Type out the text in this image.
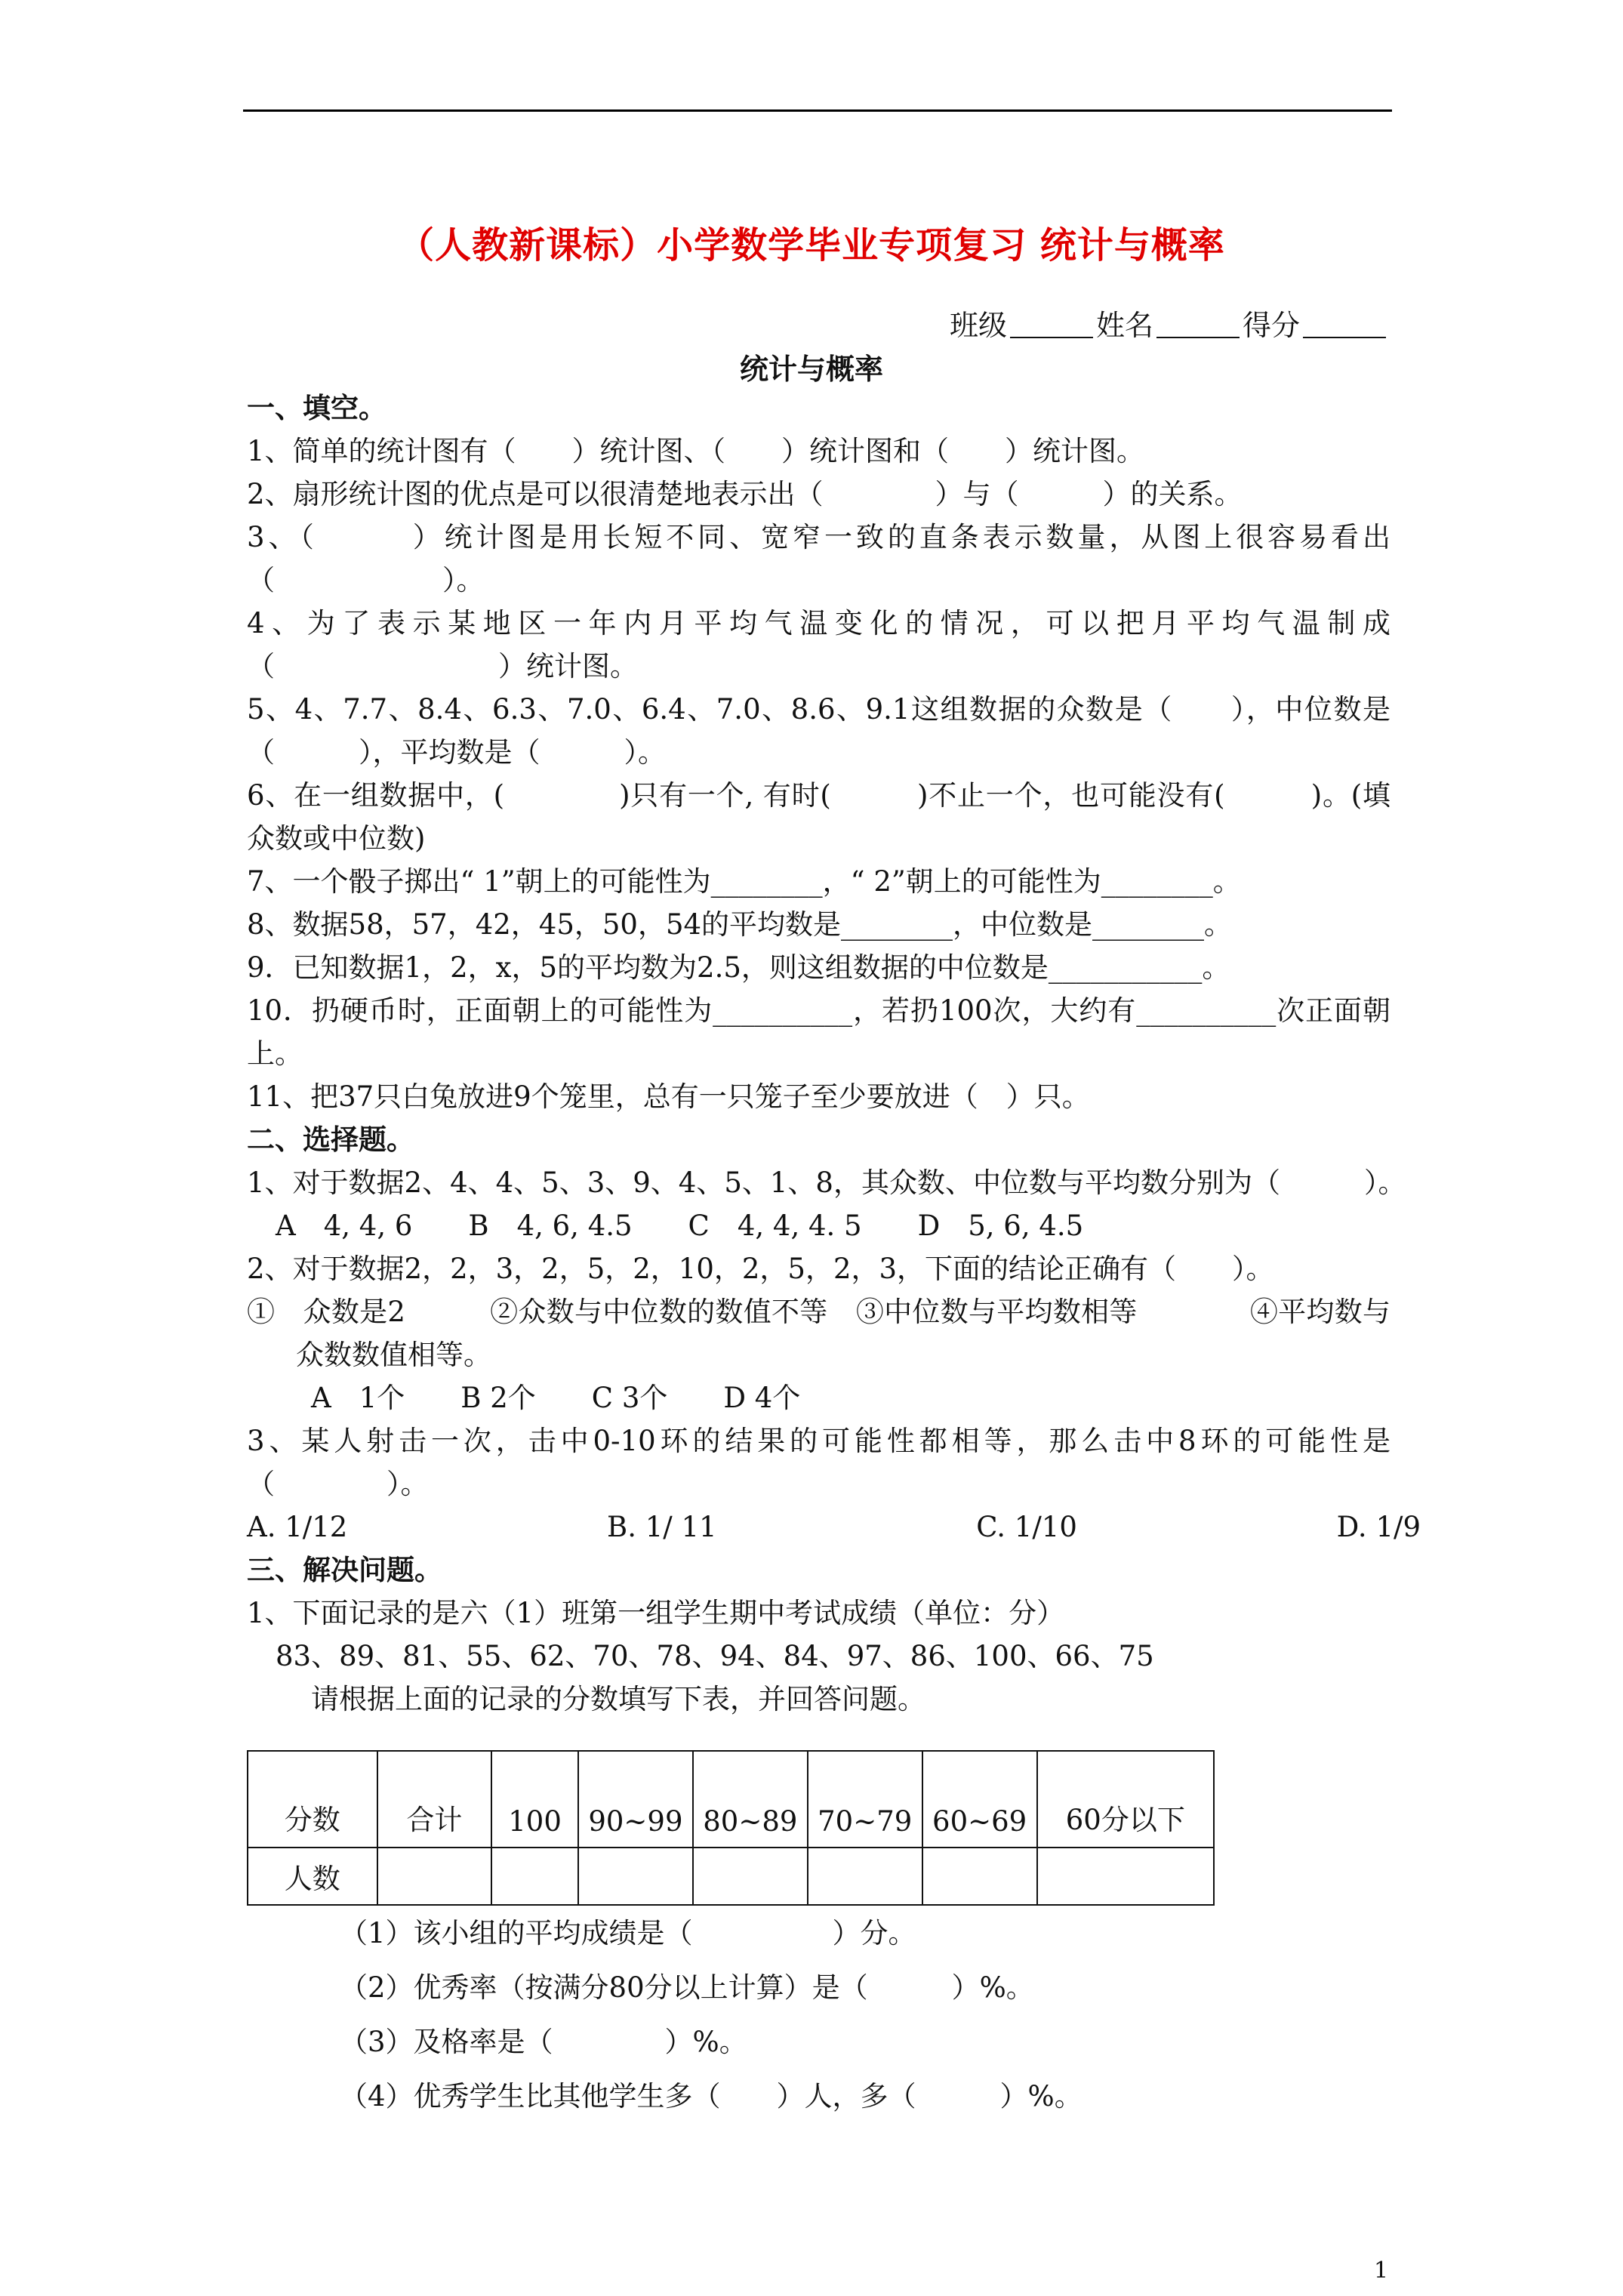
（人教新课标）小学数学毕业专项复习 统计与概率
班级	姓名	得分
统计与概率
一、填空。
1、简单的统计图有（　　）统计图、（　　）统计图和（　　）统计图。
2、扇形统计图的优点是可以很清楚地表示出（　　　　）与（　　　）的关系。
3、（　　　）统计图是用长短不同、宽窄一致的直条表示数量，从图上很容易看出
（　　　　　　）。
4、为了表示某地区一年内月平均气温变化的情况，可以把月平均气温制成
（　　　　　　　　）统计图。
5、4、7.7、8.4、6.3、7.0、6.4、7.0、8.6、9.1这组数据的众数是（　　），中位数是
（　　　），平均数是（　　　）。
6、在一组数据中，(　　　　)只有一个, 有时(　　　)不止一个，也可能没有(　　　)。(填
众数或中位数)
7、一个骰子掷出“ 1”朝上的可能性为________，“ 2”朝上的可能性为________。
8、数据58，57，42，45，50，54的平均数是________，中位数是________。
9．已知数据1，2，x，5的平均数为2.5，则这组数据的中位数是___________。
10．扔硬币时，正面朝上的可能性为__________，若扔100次，大约有__________次正面朝
上。
11、把37只白兔放进9个笼里，总有一只笼子至少要放进（　）只。
二、选择题。
1、对于数据2、4、4、5、3、9、4、5、1、8，其众数、中位数与平均数分别为（　　　）。
A　4, 4, 6　　B　4, 6, 4.5　　C　4, 4, 4. 5　　D　5, 6, 4.5
2、对于数据2，2，3，2，5，2，10，2，5，2，3，下面的结论正确有（　　）。
①　众数是2　　　②众数与中位数的数值不等　③中位数与平均数相等　　　　④平均数与
众数数值相等。
A　1个　　B 2个　　C 3个　　D 4个
3、某人射击一次，击中0-10环的结果的可能性都相等，那么击中8环的可能性是
（　　　　）。
A. 1/12	B. 1/ 11	C. 1/10	D. 1/9
三、解决问题。
1、下面记录的是六（1）班第一组学生期中考试成绩（单位：分）
83、89、81、55、62、70、78、94、84、97、86、100、66、75
请根据上面的记录的分数填写下表，并回答问题。
分数	合计	100	90~99	80~89	70~79	60~69	60分以下
人数							
（1）该小组的平均成绩是（　　　　　）分。
（2）优秀率（按满分80分以上计算）是（　　　）%。
（3）及格率是（　　　　）%。
（4）优秀学生比其他学生多（　　）人，多（　　　）%。
1
